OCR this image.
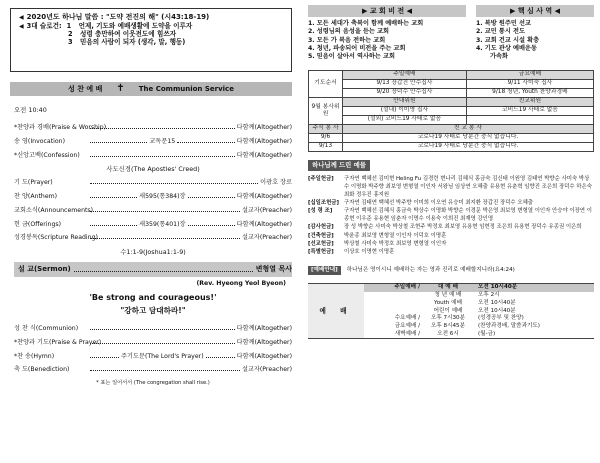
◀ 2020년도 하나님 말씀 : "도약 전진의 해" (시43:18-19)
◀ 3대 슬로건: 1 언제, 기도와 예배생활에 도약을 이루자
2 성령 충만하여 이웃전도에 힘쓰자
3 믿음의 사람이 되자 (생각, 말, 행동)
성 찬 예 배 ✝ The Communion Service
오전 10:40
*찬양과 경배(Praise & Worship)	다함께(Altogether)
송 영(Invocation)	교독문15	다함께(Altogether)
*신앙고백(Confession)	다함께(Altogether)
사도신경(The Apostles' Creed)
기 도(Prayer)	이광호 장로
찬 양(Anthem)	새595(통384)장	다함께(Altogether)
교회소식(Announcements)	설교자(Preacher)
헌 금(Offerings)	새359(통401)장	다함께(Altogether)
성경봉독(Scripture Reading)	설교자(Preacher)
수1:1-9(Joshua1:1-9)
설 교 (Sermon)	변형열 목사
(Rev. Hyeong Yeol Byeon)
'Be strong and courageous!'
"강하고 담대하라!"
성 찬 식(Communion)	다함께(Altogether)
*찬양과 기도(Praise & Prayer)	다함께(Altogether)
*찬 송(Hymn)	주기도문(The Lord's Prayer)	다함께(Altogether)
축 도(Benediction)	설교자(Preacher)
* 표는 일어서서 (The congregation shall rise.)
▶ 교 회 비 전 ◀	▶ 핵 심 사 역 ◀
1. 모든 세대가 축복이 함께 예배하는 교회
2. 성령님의 음성을 듣는 교회
3. 모든 가 복음 전하는 교회
4. 청년, 파송되어 비전을 주는 교회
5. 믿음이 살아서 역사하는 교회
1. 복방 원주민 선교
2. 교민 통시 전도
3. 교회 건교 시설 확충
4. 기도 관상 예배운동
가속화
기도순서	주일예배	금요예배
	9/13 장갑진 안수집사	9/11 사미숙 집사
	9/20 장덕수 안수집사	9/18 청년, Youth 찬양과경배
9월 봉사위원	안내위원	친교위원
	(설내) 이미영 집사	코비드19 사태로 없음
	(설외) 코비드19 사태로 없음	
주식 봉 사	친 교 봉 사	
9/6	코로나19 사태로 당분간 중식 없습니다.	
9/13	코로나19 사태로 당분간 중식 없습니다.	
하나님께 드린 예물
[주일헌금]	구자연 백혜선 김미현 Heling Fu 김경련 변나리 김혜식 홍금숙 김신태 이원영 김태연 박향순 사미숙 박상수 이명화 박주향 최보영 변형열 이인자 서왕님 임상연 오혜출 유용현 유춘혁 임향진 조은희 장덕수 하은숙 최화 정우진 홍지원
[십일조헌금] 구자연 김태연 백혜선 박주향 이미희 이오연 유승미 최지환 장갑진 장덕수 오혜출
[성 령 조]	구자연 백혜선 김혜식 홍금숙 박상수 이명화 박향순 이경문 박은영 최보영 변형열 이인자 안승야 이장연 이종현 이우준 유용현 임춘자 이명수 이용숙 이희진 최재영 강인영
[감사헌금]	장 성 박향순 사미숙 박상철 조현주 박정호 최보영 유용현 임현정 조은희 유용현 장덕수 유종권 이은희
[건축헌금]	박윤종 최보영 변형열 이인자 이덕호 이명훈
[선교헌금]	박상철 사미숙 박정호 최보영 변형열 이인자
[특별헌금]	이상호 이명현 이명훈
[예배안내]	하나님은 영이시니 예배하는 자는 영과 진리로 예배할지니라(요4:24)
예 배
주일예배 /	대 예 배	오전 10시40분
청 년 예 배	오후 2시
Youth 예배	오전 10시40분
어린이 예배	오전 10시40분
수요예배 /	오후 7시30분	(성경공부 및 찬양)
금요예배 /	오후 8시45분	(찬양과경배, 말씀과기도)
새벽예배 /	오전 6시	(월-금)
